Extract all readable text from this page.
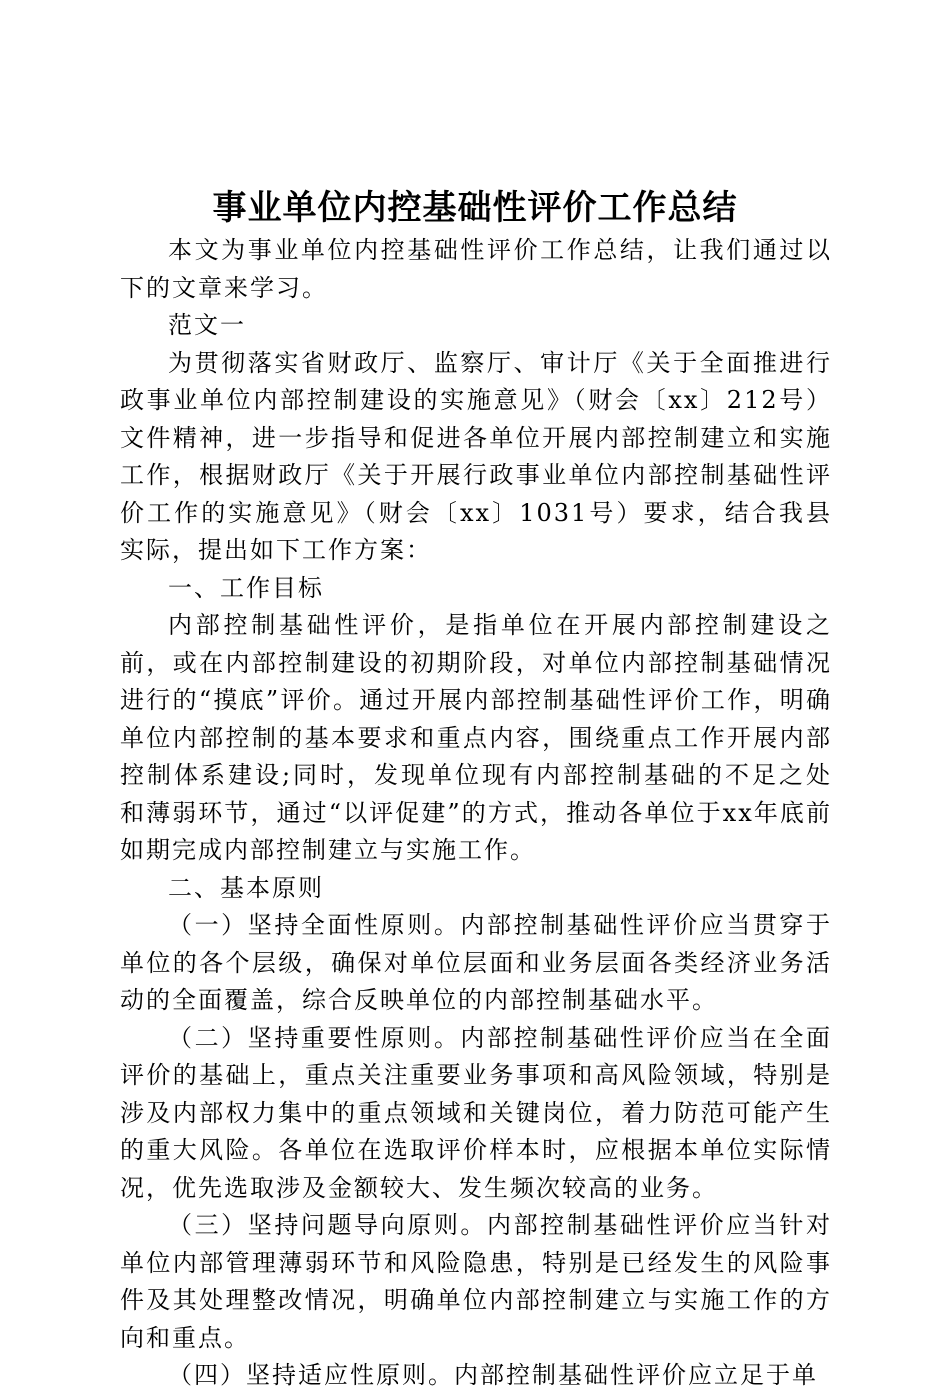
事业单位内控基础性评价工作总结

本文为事业单位内控基础性评价工作总结，让我们通过以下的文章来学习。

范文一

为贯彻落实省财政厅、监察厅、审计厅《关于全面推进行政事业单位内部控制建设的实施意见》（财会〔xx〕212号）文件精神，进一步指导和促进各单位开展内部控制建立和实施工作，根据财政厅《关于开展行政事业单位内部控制基础性评价工作的实施意见》（财会〔xx〕1031号）要求，结合我县实际，提出如下工作方案：

一、工作目标

内部控制基础性评价，是指单位在开展内部控制建设之前，或在内部控制建设的初期阶段，对单位内部控制基础情况进行的“摸底”评价。通过开展内部控制基础性评价工作，明确单位内部控制的基本要求和重点内容，围绕重点工作开展内部控制体系建设;同时，发现单位现有内部控制基础的不足之处和薄弱环节，通过“以评促建”的方式，推动各单位于xx年底前如期完成内部控制建立与实施工作。

二、基本原则

（一）坚持全面性原则。内部控制基础性评价应当贯穿于单位的各个层级，确保对单位层面和业务层面各类经济业务活动的全面覆盖，综合反映单位的内部控制基础水平。

（二）坚持重要性原则。内部控制基础性评价应当在全面评价的基础上，重点关注重要业务事项和高风险领域，特别是涉及内部权力集中的重点领域和关键岗位，着力防范可能产生的重大风险。各单位在选取评价样本时，应根据本单位实际情况，优先选取涉及金额较大、发生频次较高的业务。

（三）坚持问题导向原则。内部控制基础性评价应当针对单位内部管理薄弱环节和风险隐患，特别是已经发生的风险事件及其处理整改情况，明确单位内部控制建立与实施工作的方向和重点。

（四）坚持适应性原则。内部控制基础性评价应立足于单
